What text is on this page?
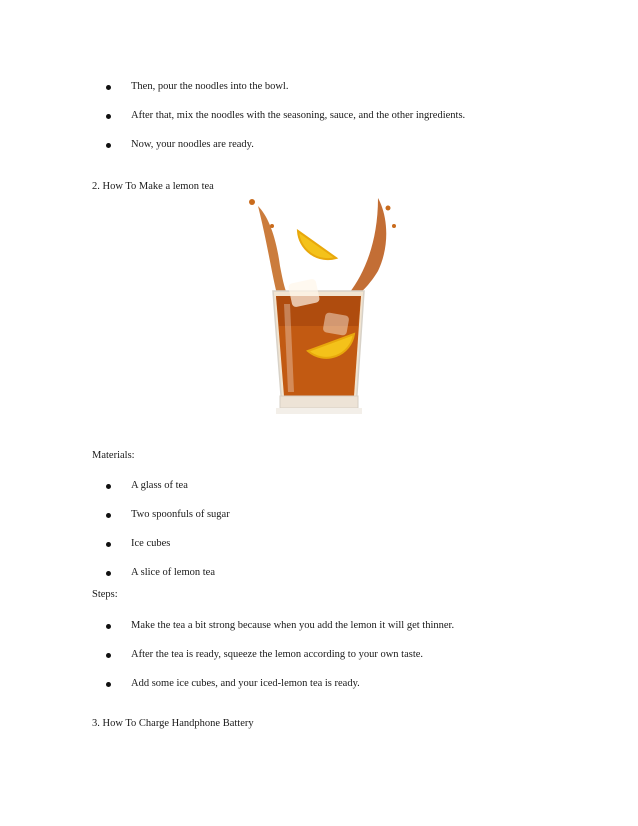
Then, pour the noodles into the bowl.
After that, mix the noodles with the seasoning, sauce, and the other ingredients.
Now, your noodles are ready.
2. How To Make a lemon tea
Materials:
A glass of tea
Two spoonfuls of sugar
Ice cubes
A slice of lemon tea
Steps:
Make the tea a bit strong because when you add the lemon it will get thinner.
After the tea is ready, squeeze the lemon according to your own taste.
Add some ice cubes, and your iced-lemon tea is ready.
3. How To Charge Handphone Battery
